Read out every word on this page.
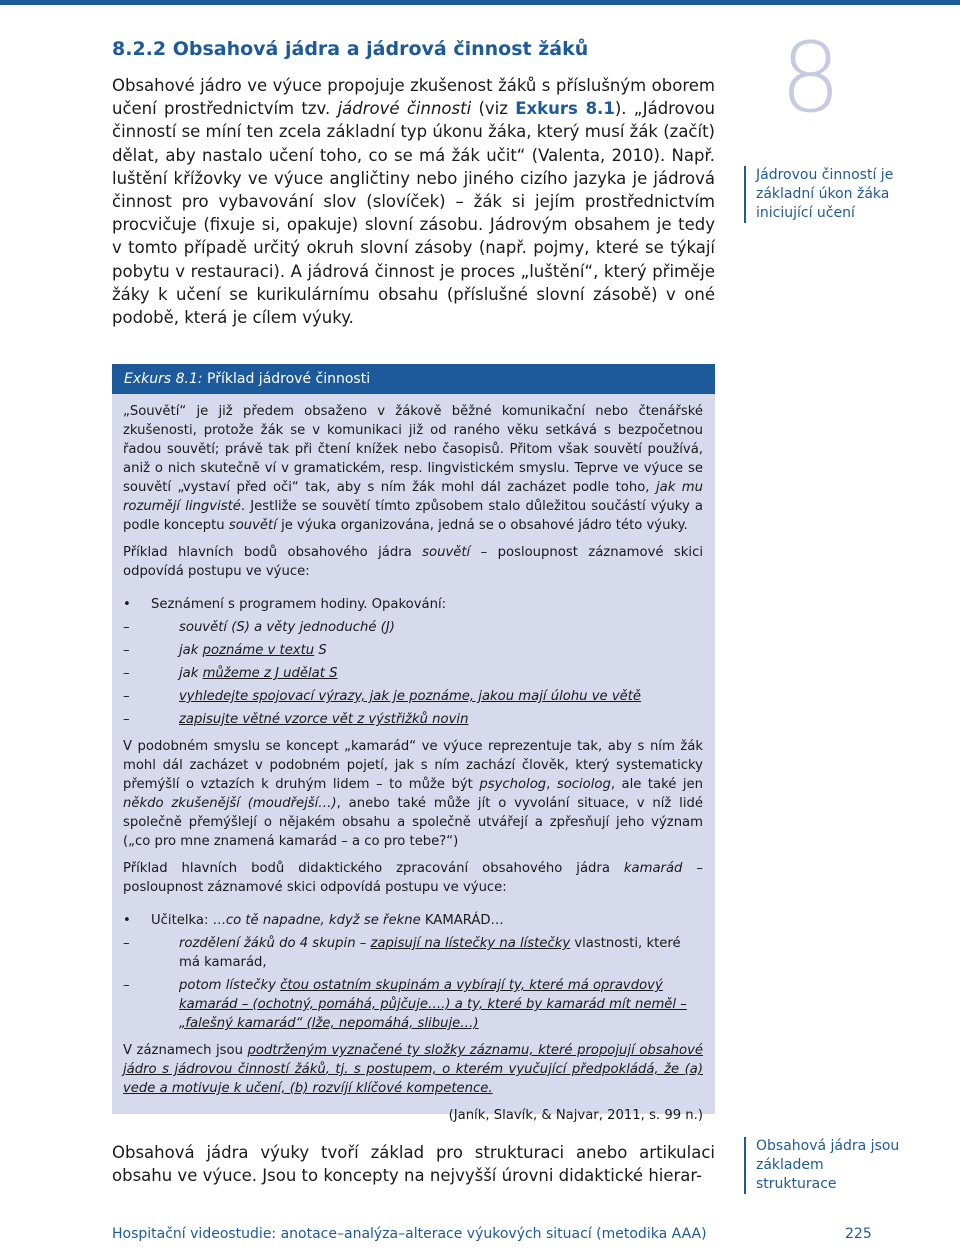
8
8.2.2 Obsahová jádra a jádrová činnost žáků
Obsahové jádro ve výuce propojuje zkušenost žáků s příslušným oborem učení prostřednictvím tzv. jádrové činnosti (viz Exkurs 8.1). „Jádrovou činností se míní ten zcela základní typ úkonu žáka, který musí žák (začít) dělat, aby nastalo učení toho, co se má žák učit“ (Valenta, 2010). Např. luštění křížovky ve výuce angličtiny nebo jiného cizího jazyka je jádrová činnost pro vybavování slov (slovíček) – žák si jejím prostřednictvím procvičuje (fixuje si, opakuje) slovní zásobu. Jádrovým obsahem je tedy v tomto případě určitý okruh slovní zásoby (např. pojmy, které se týkají pobytu v restauraci). A jádrová činnost je proces „luštění“, který přiměje žáky k učení se kurikulárnímu obsahu (příslušné slovní zásobě) v oné podobě, která je cílem výuky.
Jádrovou činností je základní úkon žáka iniciující učení
Exkurs 8.1: Příklad jádrové činnosti

„Souvětí“ je již předem obsaženo v žákově běžné komunikační nebo čtenářské zkušenosti, protože žák se v komunikaci již od raného věku setkává s bezpočetnou řadou souvětí; právě tak při čtení knížek nebo časopisů. Přitom však souvětí používá, aniž o nich skutečně ví v gramatickém, resp. lingvistickém smyslu. Teprve ve výuce se souvětí „vystaví před oči“ tak, aby s ním žák mohl dál zacházet podle toho, jak mu rozumějí lingvisté. Jestliže se souvětí tímto způsobem stalo důležitou součástí výuky a podle konceptu souvětí je výuka organizována, jedná se o obsahové jádro této výuky.

Příklad hlavních bodů obsahového jádra souvětí – posloupnost záznamové skici odpovídá postupu ve výuce:

• Seznámení s programem hodiny. Opakování:
–	souvětí (S) a věty jednoduché (J)
–	jak poznáme v textu S
–	jak můžeme z J udělat S
–	vyhledejte spojovací výrazy, jak je poznáme, jakou mají úlohu ve větě
–	zapisujte větné vzorce vět z výstřižků novin

V podobném smyslu se koncept „kamarád“ ve výuce reprezentuje tak, aby s ním žák mohl dál zacházet v podobném pojetí, jak s ním zachází člověk, který systematicky přemýšlí o vztazích k druhým lidem – to může být psycholog, sociolog, ale také jen někdo zkušenější (moudřejší…), anebo také může jít o vyvolání situace, v níž lidé společně přemýšlejí o nějakém obsahu a společně utvářejí a zpřesňují jeho význam („co pro mne znamená kamarád – a co pro tebe?“)

Příklad hlavních bodů didaktického zpracování obsahového jádra kamarád – posloupnost záznamové skici odpovídá postupu ve výuce:

• Učitelka: …co tě napadne, když se řekne KAMARÁD…
–	rozdělení žáků do 4 skupin – zapisují na lístečky na lístečky vlastnosti, které má kamarád,
–	potom lístečky čtou ostatním skupinám a vybírají ty, které má opravdový kamarád – (ochotný, pomáhá, půjčuje….) a ty, které by kamarád mít neměl – „falešný kamarád“ (lže, nepomáhá, slibuje…)

V záznamech jsou podtrženým vyznačené ty složky záznamu, které propojují obsahové jádro s jádrovou činností žáků, tj. s postupem, o kterém vyučující předpokládá, že (a) vede a motivuje k učení, (b) rozvíjí klíčové kompetence.

(Janík, Slavík, & Najvar, 2011, s. 99 n.)

Obsahová jádra výuky tvoří základ pro strukturaci anebo artikulaci obsahu ve výuce. Jsou to koncepty na nejvyšší úrovni didaktické hierar-
Obsahová jádra jsou základem strukturace
Hospitační videostudie: anotace–analýza–alterace výukových situací (metodika AAA)	225
